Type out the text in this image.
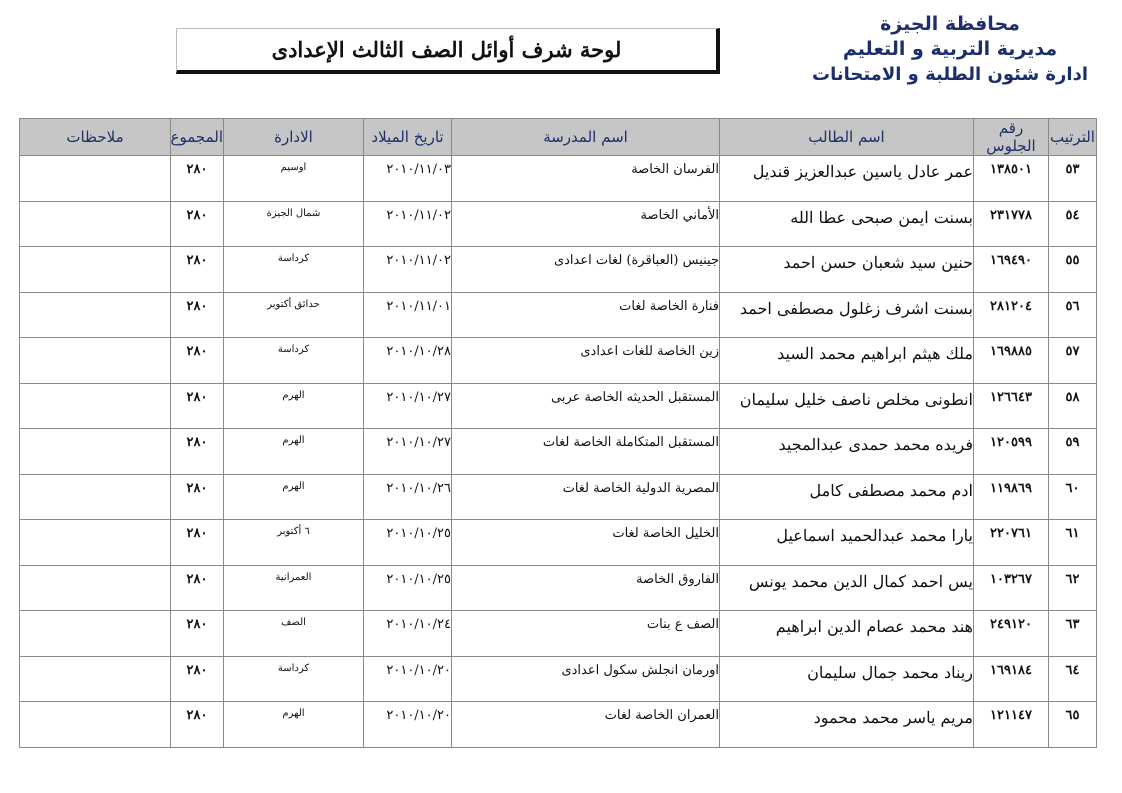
محافظة الجيزة
مديرية التربية و التعليم
ادارة شئون الطلبة و الامتحانات
لوحة شرف أوائل الصف الثالث الإعدادى
الترتيب	رقم الجلوس	اسم الطالب	اسم المدرسة	تاريخ الميلاد	الادارة	المجموع	ملاحظات
٥٣	١٣٨٥٠١	عمر عادل ياسين عبدالعزيز قنديل	الفرسان الخاصة	٢٠١٠/١١/٠٣	اوسيم	٢٨٠	
٥٤	٢٣١٧٧٨	بسنت ايمن صبحى عطا الله	الأماني الخاصة	٢٠١٠/١١/٠٢	شمال الجيزة	٢٨٠	
٥٥	١٦٩٤٩٠	حنين سيد شعبان حسن احمد	جينيس (العباقرة) لغات اعدادى	٢٠١٠/١١/٠٢	كرداسة	٢٨٠	
٥٦	٢٨١٢٠٤	بسنت اشرف زغلول مصطفى احمد	فنارة الخاصة لغات	٢٠١٠/١١/٠١	حدائق أكتوبر	٢٨٠	
٥٧	١٦٩٨٨٥	ملك هيثم ابراهيم محمد السيد	زين الخاصة للغات اعدادى	٢٠١٠/١٠/٢٨	كرداسة	٢٨٠	
٥٨	١٢٦٦٤٣	انطونى مخلص ناصف خليل سليمان	المستقبل الحديثه الخاصة عربى	٢٠١٠/١٠/٢٧	الهرم	٢٨٠	
٥٩	١٢٠٥٩٩	فريده محمد حمدى عبدالمجيد	المستقبل المتكاملة الخاصة لغات	٢٠١٠/١٠/٢٧	الهرم	٢٨٠	
٦٠	١١٩٨٦٩	ادم محمد مصطفى كامل	المصرية الدولية الخاصة لغات	٢٠١٠/١٠/٢٦	الهرم	٢٨٠	
٦١	٢٢٠٧٦١	يارا محمد عبدالحميد اسماعيل	الخليل الخاصة لغات	٢٠١٠/١٠/٢٥	٦ أكتوبر	٢٨٠	
٦٢	١٠٣٢٦٧	يس احمد كمال الدين محمد يونس	الفاروق الخاصة	٢٠١٠/١٠/٢٥	العمرانية	٢٨٠	
٦٣	٢٤٩١٢٠	هند محمد عصام الدين ابراهيم	الصف ع بنات	٢٠١٠/١٠/٢٤	الصف	٢٨٠	
٦٤	١٦٩١٨٤	ريناد محمد جمال سليمان	اورمان انجلش سكول اعدادى	٢٠١٠/١٠/٢٠	كرداسة	٢٨٠	
٦٥	١٢١١٤٧	مريم ياسر محمد محمود	العمران الخاصة لغات	٢٠١٠/١٠/٢٠	الهرم	٢٨٠	
